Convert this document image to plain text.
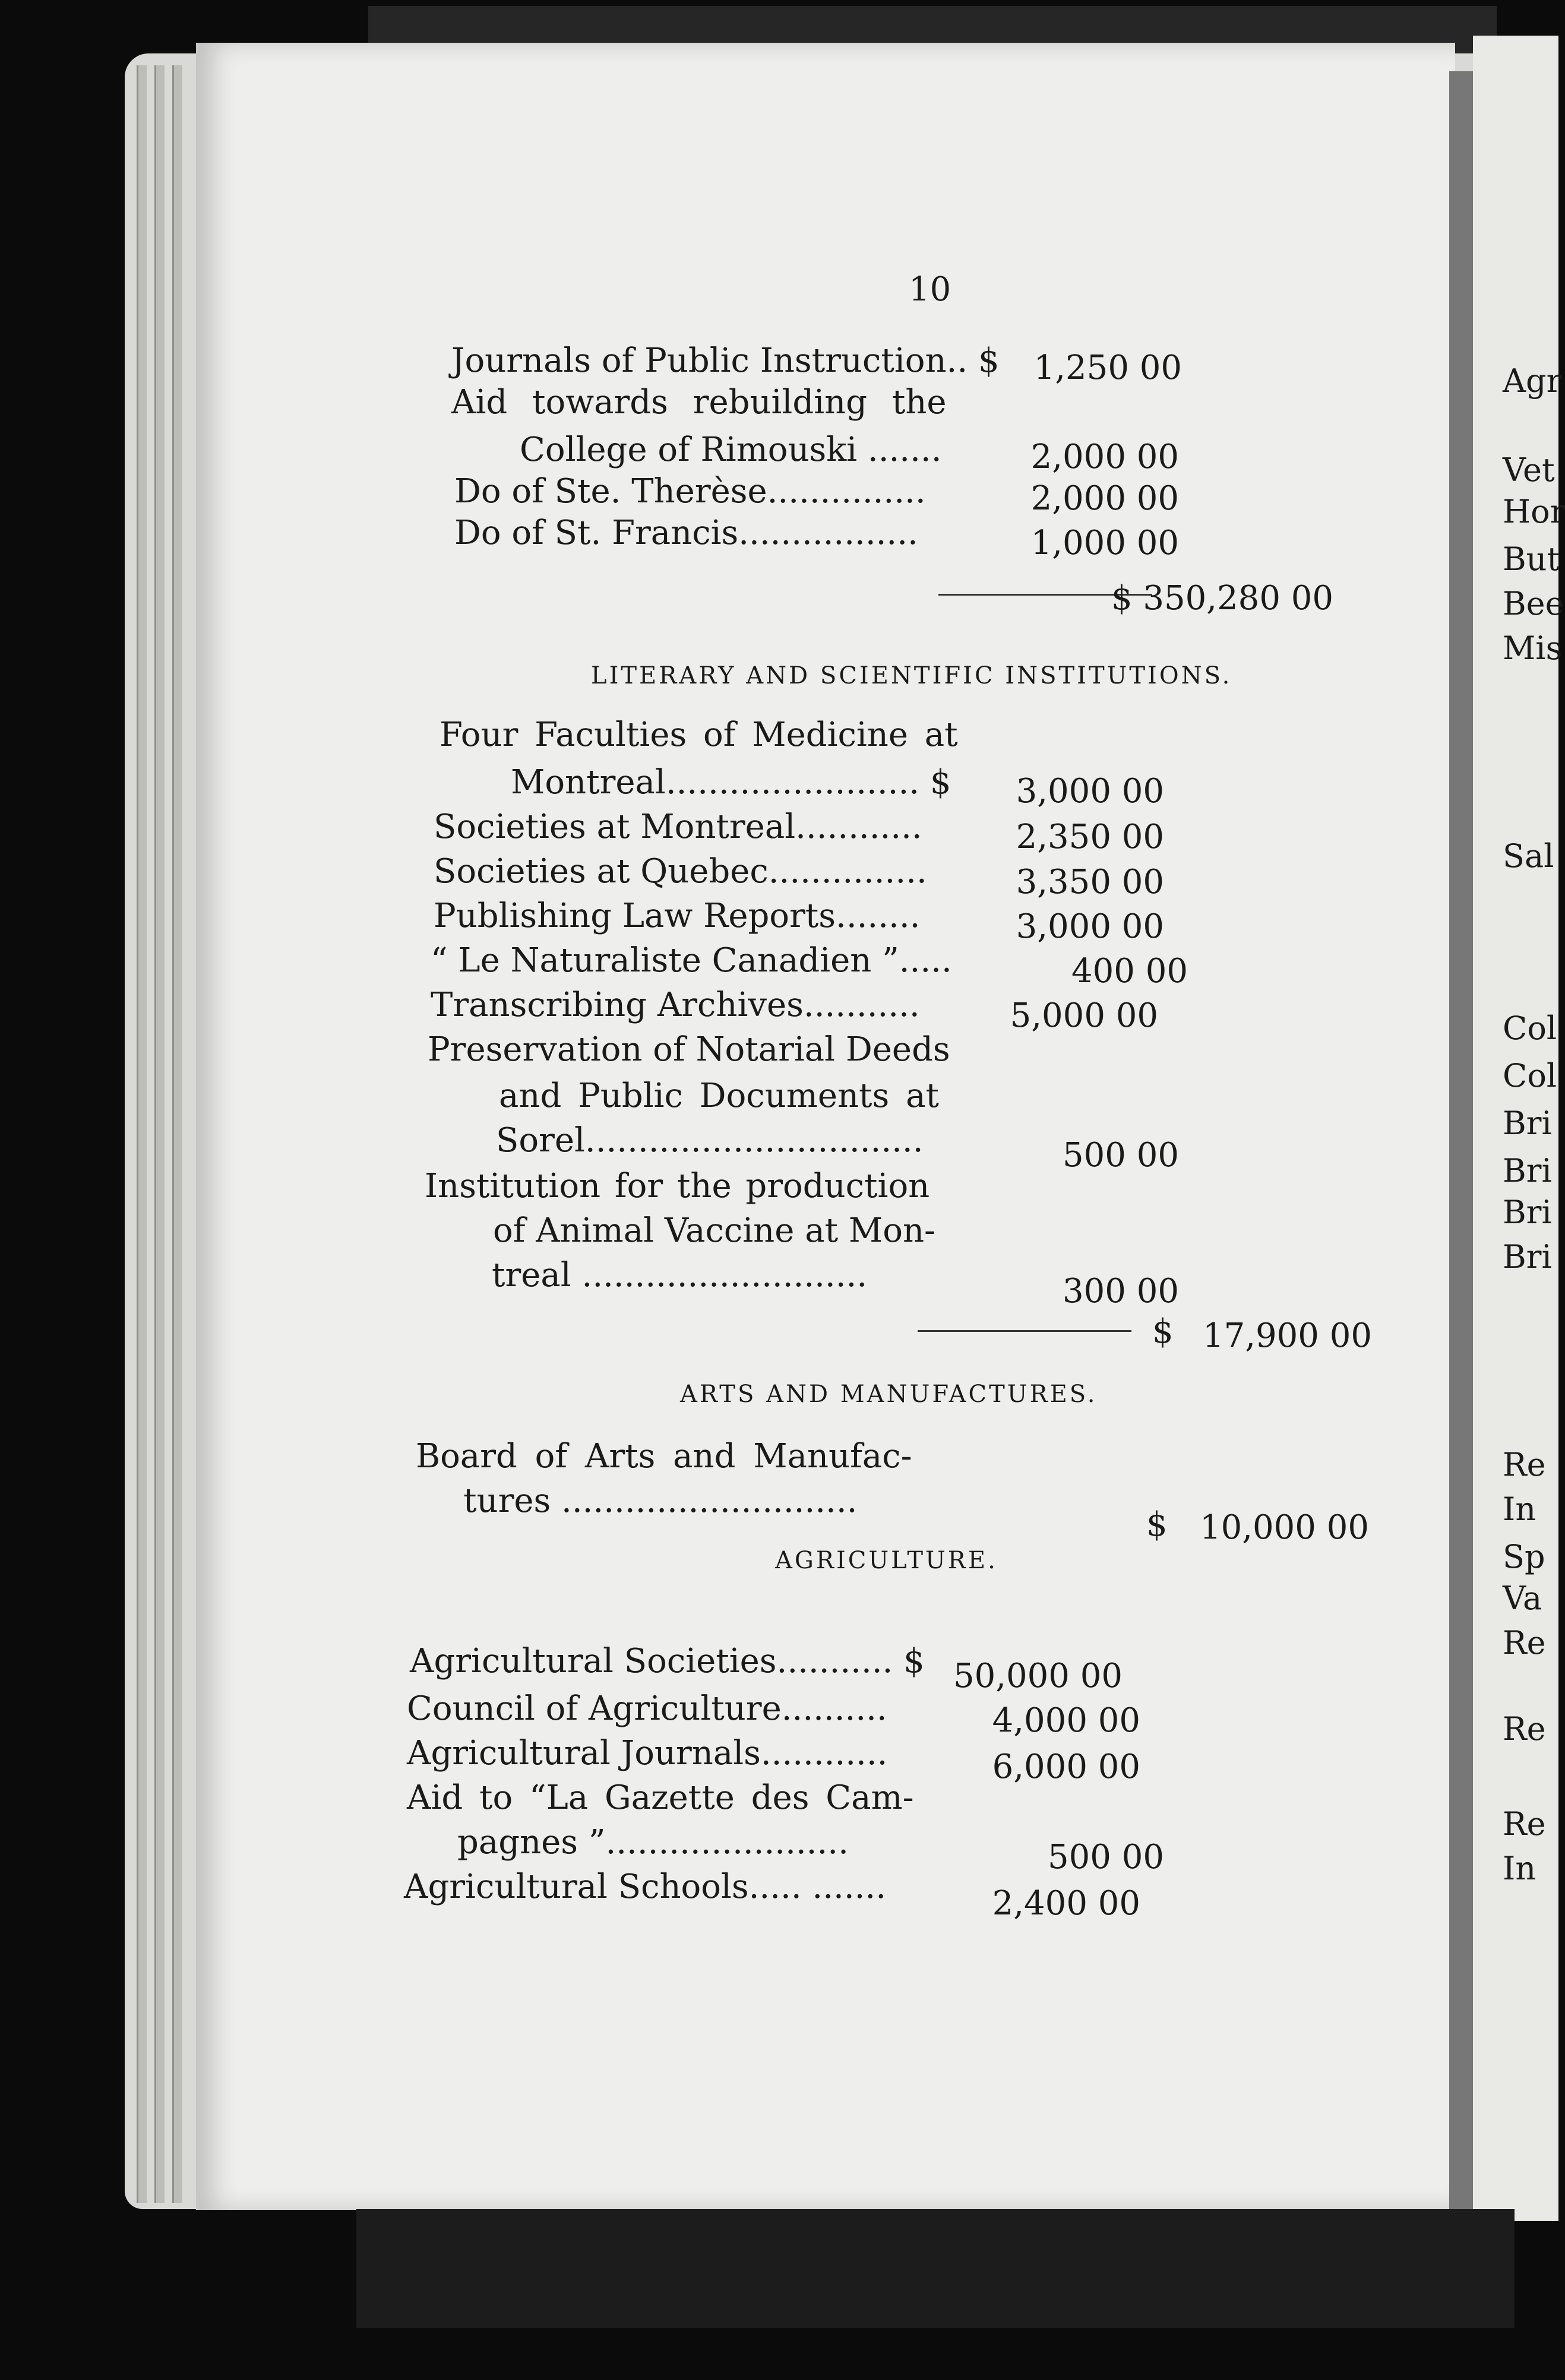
10
Journals of Public Instruction.. $ 1,250 00
Aid towards rebuilding the
College of Rimouski .......	2,000 00
Do of Ste. Therèse...............	2,000 00
Do of St. Francis.................	1,000 00
$ 350,280 00
LITERARY AND SCIENTIFIC INSTITUTIONS.
Four Faculties of Medicine at
Montreal........................ $ 3,000 00
Societies at Montreal............	2,350 00
Societies at Quebec...............	3,350 00
Publishing Law Reports........	3,000 00
“ Le Naturaliste Canadien ”.....	400 00
Transcribing Archives...........	5,000 00
Preservation of Notarial Deeds
and Public Documents at
Sorel................................	500 00
Institution for the production
of Animal Vaccine at Mon-
treal ...........................	300 00
$ 17,900 00
ARTS AND MANUFACTURES.
Board of Arts and Manufac-
tures ............................
$ 10,000 00
AGRICULTURE.
Agricultural Societies........... $ 50,000 00
Council of Agriculture..........	4,000 00
Agricultural Journals............	6,000 00
Aid to “La Gazette des Cam-
pagnes ”.......................	500 00
Agricultural Schools..... .......	2,400 00
Agr
Vet
Hor
But
Bee
Mis
Sal
Col
Col
Bri
Bri
Bri
Bri
Re
In
Sp
Va
Re
Re
Re
In
